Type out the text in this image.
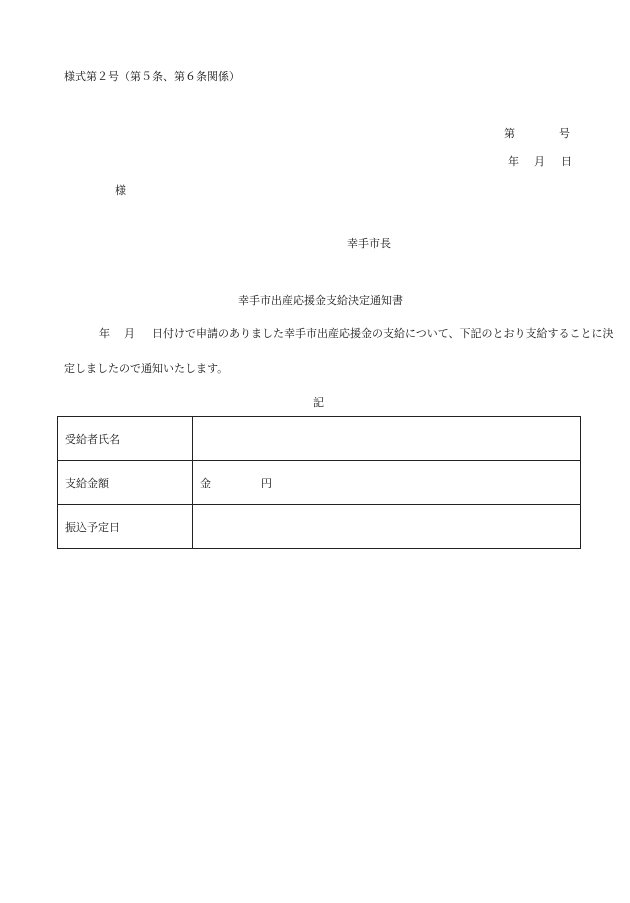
様式第２号（第５条、第６条関係）
第	号
年 月 日
様
幸手市長
幸手市出産応援金支給決定通知書
年 月 日付けで申請のありました幸手市出産応援金の支給について、下記のとおり支給することに決
定しましたので通知いたします。
記
受給者氏名	
支給金額	金 円
振込予定日	
